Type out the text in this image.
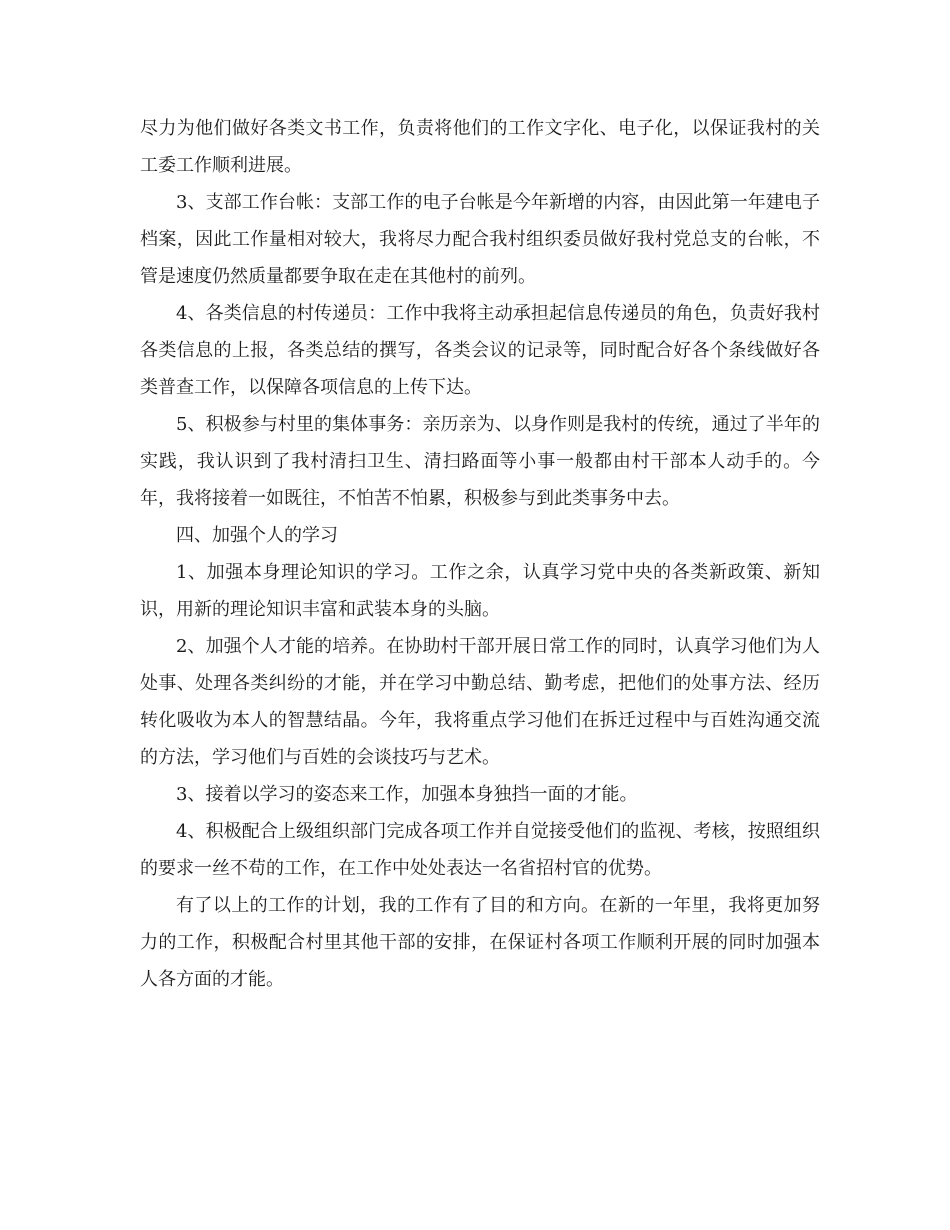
尽力为他们做好各类文书工作，负责将他们的工作文字化、电子化，以保证我村的关工委工作顺利进展。

3、支部工作台帐：支部工作的电子台帐是今年新增的内容，由因此第一年建电子档案，因此工作量相对较大，我将尽力配合我村组织委员做好我村党总支的台帐，不管是速度仍然质量都要争取在走在其他村的前列。

4、各类信息的村传递员：工作中我将主动承担起信息传递员的角色，负责好我村各类信息的上报，各类总结的撰写，各类会议的记录等，同时配合好各个条线做好各类普查工作，以保障各项信息的上传下达。

5、积极参与村里的集体事务：亲历亲为、以身作则是我村的传统，通过了半年的实践，我认识到了我村清扫卫生、清扫路面等小事一般都由村干部本人动手的。今年，我将接着一如既往，不怕苦不怕累，积极参与到此类事务中去。

四、加强个人的学习

1、加强本身理论知识的学习。工作之余，认真学习党中央的各类新政策、新知识，用新的理论知识丰富和武装本身的头脑。

2、加强个人才能的培养。在协助村干部开展日常工作的同时，认真学习他们为人处事、处理各类纠纷的才能，并在学习中勤总结、勤考虑，把他们的处事方法、经历转化吸收为本人的智慧结晶。今年，我将重点学习他们在拆迁过程中与百姓沟通交流的方法，学习他们与百姓的会谈技巧与艺术。

3、接着以学习的姿态来工作，加强本身独挡一面的才能。

4、积极配合上级组织部门完成各项工作并自觉接受他们的监视、考核，按照组织的要求一丝不苟的工作，在工作中处处表达一名省招村官的优势。

有了以上的工作的计划，我的工作有了目的和方向。在新的一年里，我将更加努力的工作，积极配合村里其他干部的安排，在保证村各项工作顺利开展的同时加强本人各方面的才能。
